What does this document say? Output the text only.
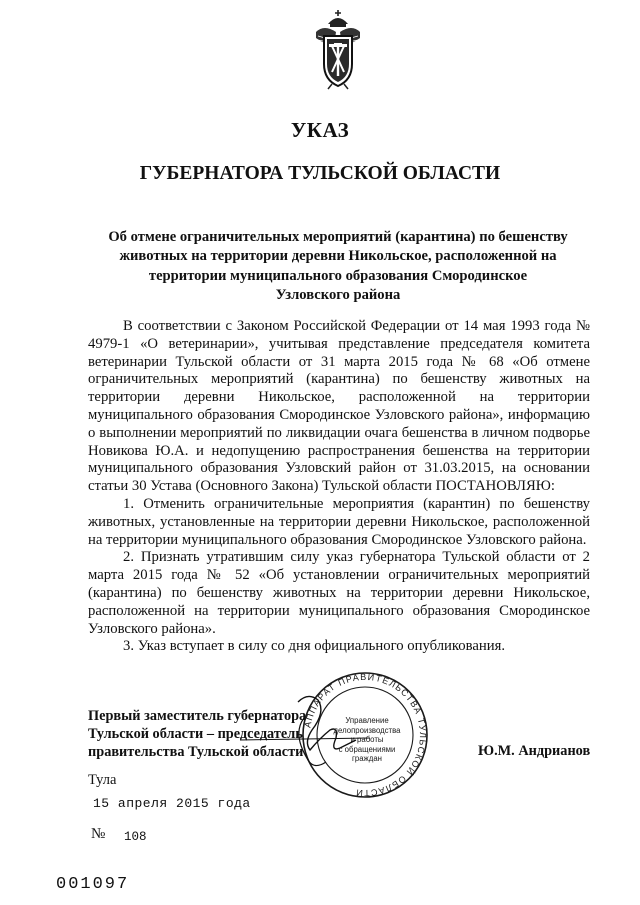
УКАЗ
ГУБЕРНАТОРА ТУЛЬСКОЙ ОБЛАСТИ
Об отмене ограничительных мероприятий (карантина) по бешенству
животных на территории деревни Никольское, расположенной на
территории муниципального образования Смородинское
Узловского района

В соответствии с Законом Российской Федерации от 14 мая 1993 года № 4979-1 «О ветеринарии», учитывая представление председателя комитета ветеринарии Тульской области от 31 марта 2015 года № 68 «Об отмене ограничительных мероприятий (карантина) по бешенству животных на территории деревни Никольское, расположенной на территории муниципального образования Смородинское Узловского района», информацию о выполнении мероприятий по ликвидации очага бешенства в личном подворье Новикова Ю.А. и недопущению распространения бешенства на территории муниципального образования Узловский район от 31.03.2015, на основании статьи 30 Устава (Основного Закона) Тульской области ПОСТАНОВЛЯЮ:

1. Отменить ограничительные мероприятия (карантин) по бешенству животных, установленные на территории деревни Никольское, расположенной на территории муниципального образования Смородинское Узловского района.

2. Признать утратившим силу указ губернатора Тульской области от 2 марта 2015 года № 52 «Об установлении ограничительных мероприятий (карантина) по бешенству животных на территории деревни Никольское, расположенной на территории муниципального образования Смородинское Узловского района».

3. Указ вступает в силу со дня официального опубликования.

АППАРАТ ПРАВИТЕЛЬСТВА ТУЛЬСКОЙ ОБЛАСТИ
Управление
делопроизводства
и работы
с обращениями
граждан
Первый заместитель губернатора
Тульской области – председатель
правительства Тульской области	Ю.М. Андрианов
Тула
15 апреля 2015 года
№ 108
001097
